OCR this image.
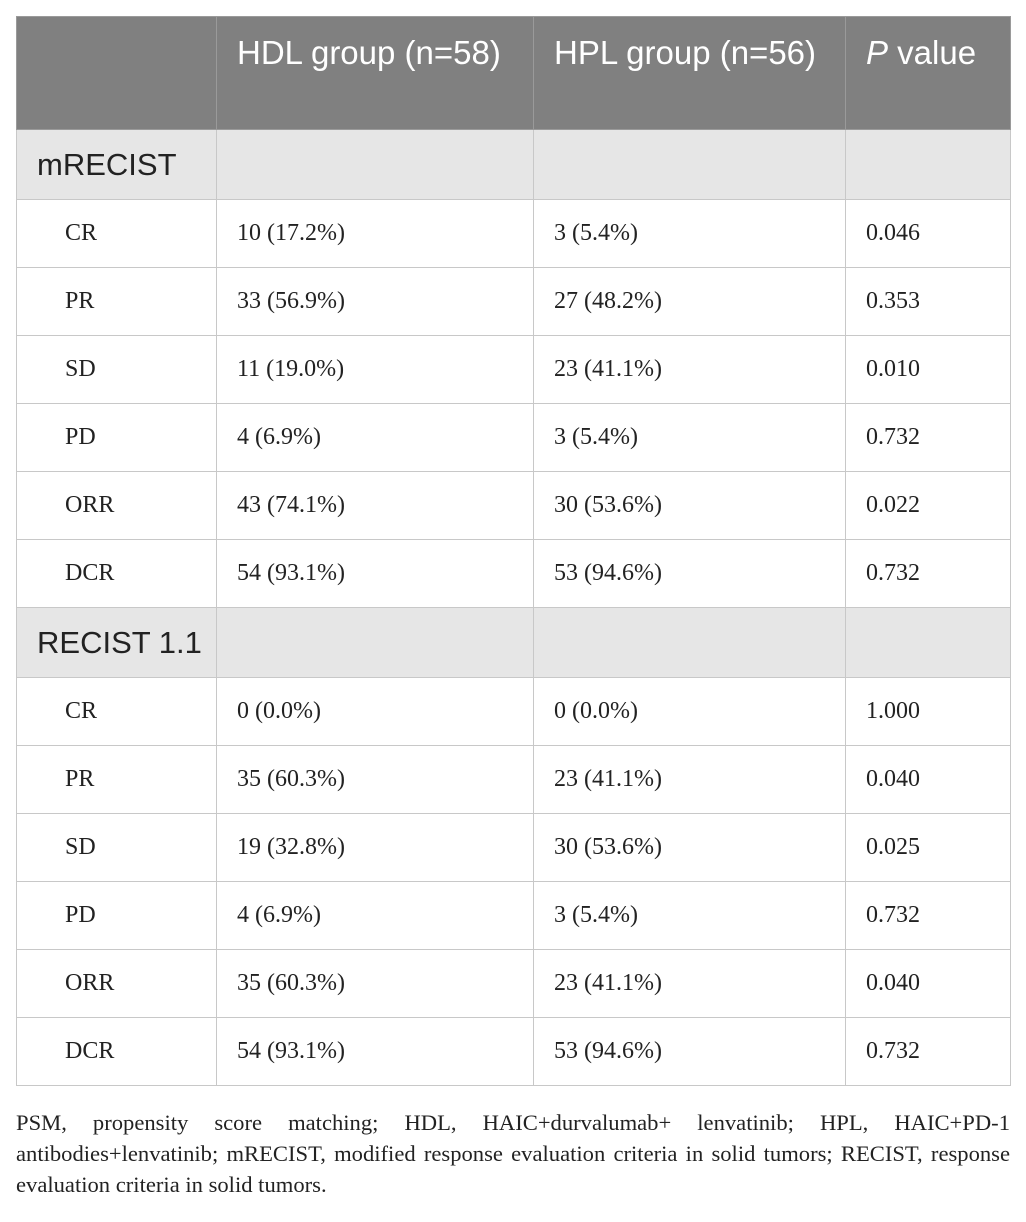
	HDL group (n=58)	HPL group (n=56)	P value
mRECIST			
CR	10 (17.2%)	3 (5.4%)	0.046
PR	33 (56.9%)	27 (48.2%)	0.353
SD	11 (19.0%)	23 (41.1%)	0.010
PD	4 (6.9%)	3 (5.4%)	0.732
ORR	43 (74.1%)	30 (53.6%)	0.022
DCR	54 (93.1%)	53 (94.6%)	0.732
RECIST 1.1			
CR	0 (0.0%)	0 (0.0%)	1.000
PR	35 (60.3%)	23 (41.1%)	0.040
SD	19 (32.8%)	30 (53.6%)	0.025
PD	4 (6.9%)	3 (5.4%)	0.732
ORR	35 (60.3%)	23 (41.1%)	0.040
DCR	54 (93.1%)	53 (94.6%)	0.732
PSM, propensity score matching; HDL, HAIC+durvalumab+ lenvatinib; HPL, HAIC+PD-1 antibodies+lenvatinib; mRECIST, modified response evaluation criteria in solid tumors; RECIST, response evaluation criteria in solid tumors.
